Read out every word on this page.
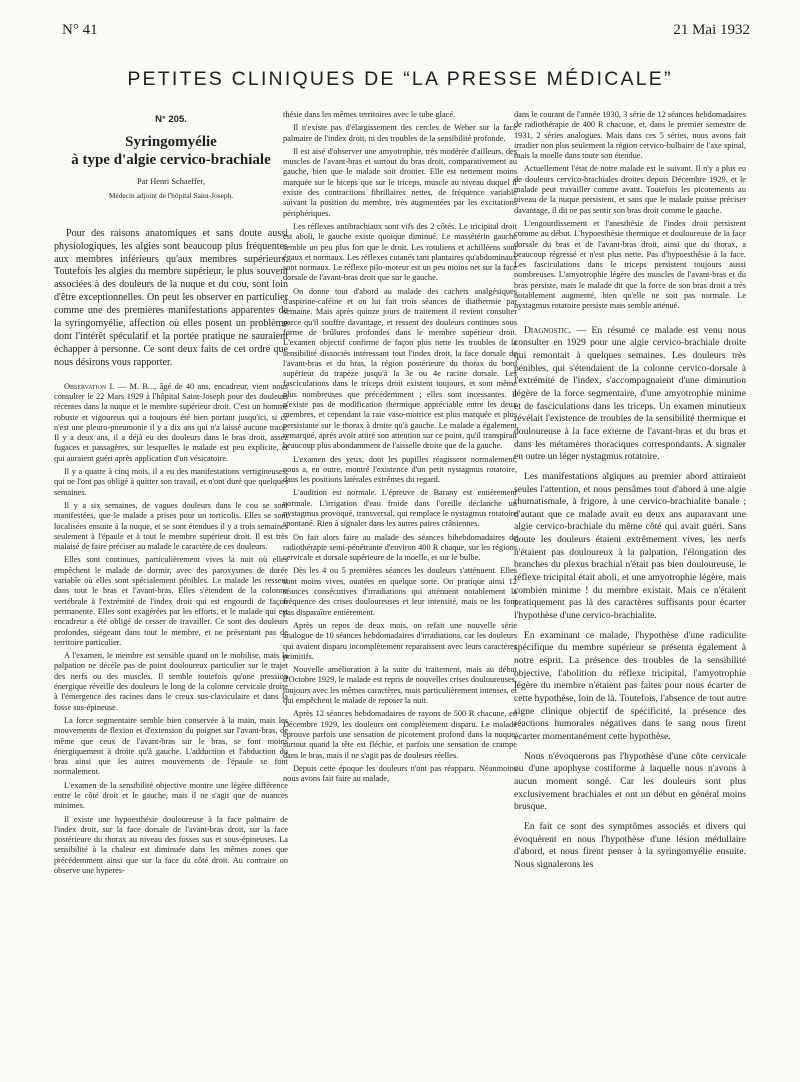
N° 41	21 Mai 1932
PETITES CLINIQUES DE “LA PRESSE MÉDICALE”
N° 205.
Syringomyélie
à type d'algie cervico-brachiale
Par Henri Schaeffer,
Médecin adjoint de l'hôpital Saint-Joseph.

Pour des raisons anatomiques et sans doute aussi physiologiques, les algies sont beaucoup plus fréquentes aux membres inférieurs qu'aux membres supérieurs. Toutefois les algies du membre supérieur, le plus souvent associées à des douleurs de la nuque et du cou, sont loin d'être exceptionnelles. On peut les observer en particulier comme une des premières manifestations apparentes de la syringomyélie, affection où elles posent un problème dont l'intérêt spéculatif et la portée pratique ne sauraient échapper à personne. Ce sont deux faits de cet ordre que nous désirons vous rapporter.

Observation I. — M. B..., âgé de 40 ans, encadreur, vient nous consulter le 22 Mars 1929 à l'hôpital Saint-Joseph pour des douleurs récentes dans la nuque et le membre supérieur droit. C'est un homme robuste et vigoureux qui a toujours été bien portant jusqu'ici, si ce n'est une pleuro-pneumonie il y a dix ans qui n'a laissé aucune trace. Il y a deux ans, il a déjà eu des douleurs dans le bras droit, assez fugaces et passagères, sur lesquelles le malade est peu explicite, et qui auraient guéri après application d'un vésicatoire.

Il y a quatre à cinq mois, il a eu des manifestations vertigineuses, qui ne l'ont pas obligé à quitter son travail, et n'ont duré que quelques semaines.

Il y a six semaines, de vagues douleurs dans le cou se sont manifestées, que le malade a prises pour un torticolis. Elles se sont localisées ensuite à la nuque, et se sont étendues il y a trois semaines seulement à l'épaule et à tout le membre supérieur droit. Il est très malaisé de faire préciser au malade le caractère de ces douleurs.

Elles sont continues, particulièrement vives la nuit où elles empêchent le malade de dormir, avec des paroxysmes de durée variable où elles sont spécialement pénibles. Le malade les ressent dans tout le bras et l'avant-bras. Elles s'étendent de la colonne vertébrale à l'extrémité de l'index droit qui est engourdi de façon permanente. Elles sont exagérées par les efforts, et le malade qui est encadreur a été obligé de cesser de travailler. Ce sont des douleurs profondes, siégeant dans tout le membre, et ne présentant pas de territoire particulier.

A l'examen, le membre est sensible quand on le mobilise, mais la palpation ne décèle pas de point douloureux particulier sur le trajet des nerfs ou des muscles. Il semble toutefois qu'une pression énergique réveille des douleurs le long de la colonne cervicale droite à l'émergence des racines dans le creux sus-claviculaire et dans la fosse sus-épineuse.

La force segmentaire semble bien conservée à la main, mais les mouvements de flexion et d'extension du poignet sur l'avant-bras, de même que ceux de l'avant-bras sur le bras, se font moins énergiquement à droite qu'à gauche. L'adduction et l'abduction du bras ainsi que les autres mouvements de l'épaule se font normalement.

L'examen de la sensibilité objective montre une légère différence entre le côté droit et le gauche, mais il ne s'agit que de nuances minimes.

Il existe une hypoesthésie douloureuse à la face palmaire de l'index droit, sur la face dorsale de l'avant-bras droit, sur la face postérieure du thorax au niveau des fosses sus et sous-épineuses. La sensibilité à la chaleur est diminuée dans les mêmes zones que précédemment ainsi que sur la face du côté droit. Au contraire on observe une hyperes-

thésie dans les mêmes territoires avec le tube glacé.

Il n'existe pas d'élargissement des cercles de Weber sur la face palmaire de l'index droit, ni des troubles de la sensibilité profonde.

Il est aisé d'observer une amyotrophie, très modérée d'ailleurs, des muscles de l'avant-bras et surtout du bras droit, comparativement au gauche, bien que le malade soit droitier. Elle est nettement moins marquée sur le biceps que sur le triceps, muscle au niveau duquel il existe des contractions fibrillaires nettes, de fréquence variable suivant la position du membre, très augmentées par les excitations périphériques.

Les réflexes antibrachiaux sont vifs des 2 côtés. Le tricipital droit est aboli, le gauche existe quoique diminué. Le massétérin gauche semble un peu plus fort que le droit. Les rotuliens et achilléens sont égaux et normaux. Les réflexes cutanés tant plantaires qu'abdominaux sont normaux. Le réflexe pilo-moteur est un peu moins net sur la face dorsale de l'avant-bras droit que sur le gauche.

On donne tout d'abord au malade des cachets analgésiques d'aspirine-caféine et on lui fait trois séances de diathermie par semaine. Mais après quinze jours de traitement il revient consulter parce qu'il souffre davantage, et ressent des douleurs continues sous forme de brûlures profondes dans le membre supérieur droit. L'examen objectif confirme de façon plus nette les troubles de la sensibilité dissociés intéressant tout l'index droit, la face dorsale de l'avant-bras et du bras, la région postérieure du thorax du bord supérieur du trapèze jusqu'à la 3e ou 4e racine dorsale. Les fasciculations dans le triceps droit existent toujours, et sont même plus nombreuses que précédemment ; elles sont incessantes. Il n'existe pas de modification thermique appréciable entre les deux membres, et cependant la raie vaso-motrice est plus marquée et plus persistante sur le thorax à droite qu'à gauche. Le malade a également remarqué, après avoir attiré son attention sur ce point, qu'il transpirait beaucoup plus abondamment de l'aisselle droite que de la gauche.

L'examen des yeux, dont les pupilles réagissent normalement, nous a, en outre, montré l'existence d'un petit nystagmus rotatoire, dans les positions latérales extrêmes du regard.

L'audition est normale. L'épreuve de Barany est entièrement normale. L'irrigation d'eau froide dans l'oreille déclanche un nystagmus provoqué, transversal, qui remplace le nystagmus rotatoire spontané. Rien à signaler dans les autres paires crâniennes.

On fait alors faire au malade des séances bihebdomadaires de radiothérapie semi-pénétrante d'environ 400 R chaque, sur les régions cervicale et dorsale supérieure de la moelle, et sur le bulbe.

Dès les 4 ou 5 premières séances les douleurs s'atténuent. Elles sont moins vives, ouatées en quelque sorte. On pratique ainsi 12 séances consécutives d'irradiations qui atténuent notablement la fréquence des crises douloureuses et leur intensité, mais ne les font pas disparaître entièrement.

Après un repos de deux mois, on refait une nouvelle série analogue de 10 séances hebdomadaires d'irradiations, car les douleurs qui avaient disparu incomplètement reparaissent avec leurs caractères primitifs.

Nouvelle amélioration à la suite du traitement, mais au début d'Octobre 1929, le malade est repris de nouvelles crises douloureuses, toujours avec les mêmes caractères, mais particulièrement intenses, et qui empêchent le malade de reposer la nuit.

Après 12 séances hebdomadaires de rayons de 500 R chacune, en Décembre 1929, les douleurs ont complètement disparu. Le malade éprouve parfois une sensation de picotement profond dans la nuque, surtout quand la tête est fléchie, et parfois une sensation de crampe dans le bras, mais il ne s'agit pas de douleurs réelles.

Depuis cette époque les douleurs n'ont pas réapparu. Néanmoins nous avons fait faire au malade,

dans le courant de l'année 1930, 3 série de 12 séances hebdomadaires de radiothérapie de 400 R chacune, et, dans le premier semestre de 1931, 2 séries analogues. Mais dans ces 5 séries, nous avons fait irradier non plus seulement la région cervico-bulbaire de l'axe spinal, mais la moelle dans toute son étendue.

Actuellement l'état de notre malade est le suivant. Il n'y a plus eu de douleurs cervico-brachiales droites depuis Décembre 1929, et le malade peut travailler comme avant. Toutefois les picotements au niveau de la nuque persistent, et sans que le malade puisse préciser davantage, il dit ne pas sentir son bras droit comme le gauche.

L'engourdissement et l'anesthésie de l'index droit persistent comme au début. L'hypoesthésie thermique et douloureuse de la face dorsale du bras et de l'avant-bras droit, ainsi que du thorax, a beaucoup régressé et n'est plus nette. Pas d'hypoesthésie à la face. Les fasciculations dans le triceps persistent toujours aussi nombreuses. L'amyotrophie légère des muscles de l'avant-bras et du bras persiste, mais le malade dit que la force de son bras droit a très notablement augmenté, bien qu'elle ne soit pas normale. Le nystagmus rotatoire persiste mais semble atténué.

Diagnostic. — En résumé ce malade est venu nous consulter en 1929 pour une algie cervico-brachiale droite qui remontait à quelques semaines. Les douleurs très pénibles, qui s'étendaient de la colonne cervico-dorsale à l'extrémité de l'index, s'accompagnaient d'une diminution légère de la force segmentaire, d'une amyotrophie minime et de fasciculations dans les triceps. Un examen minutieux révélait l'existence de troubles de la sensibilité thermique et douloureuse à la face externe de l'avant-bras et du bras et dans les métamères thoraciques correspondants. A signaler en outre un léger nystagmus rotatoire.

Les manifestations algiques au premier abord attiraient seules l'attention, et nous pensâmes tout d'abord à une algie rhumatismale, à frigore, à une cervico-brachialite banale ; d'autant que ce malade avait eu deux ans auparavant une algie cervico-brachiale du même côté qui avait guéri. Sans doute les douleurs étaient extrêmement vives, les nerfs n'étaient pas douloureux à la palpation, l'élongation des branches du plexus brachial n'était pas bien douloureuse, le réflexe tricipital était aboli, et une amyotrophie légère, mais combien minime ! du membre existait. Mais ce n'étaient pratiquement pas là des caractères suffisants pour écarter l'hypothèse d'une cervico-brachialite.

En examinant ce malade, l'hypothèse d'une radiculite spécifique du membre supérieur se présenta également à notre esprit. La présence des troubles de la sensibilité objective, l'abolition du réflexe tricipital, l'amyotrophie légère du membre n'étaient pas faites pour nous écarter de cette hypothèse, loin de là. Toutefois, l'absence de tout autre signe clinique objectif de spécificité, la présence des réactions humorales négatives dans le sang nous firent écarter momentanément cette hypothèse.

Nous n'évoquerons pas l'hypothèse d'une côte cervicale ou d'une apophyse costiforme à laquelle nous n'avons à aucun moment songé. Car les douleurs sont plus exclusivement brachiales et ont un début en général moins brusque.

En fait ce sont des symptômes associés et divers qui évoquèrent en nous l'hypothèse d'une lésion médullaire d'abord, et nous firent penser à la syringomyélie ensuite. Nous signalerons les
